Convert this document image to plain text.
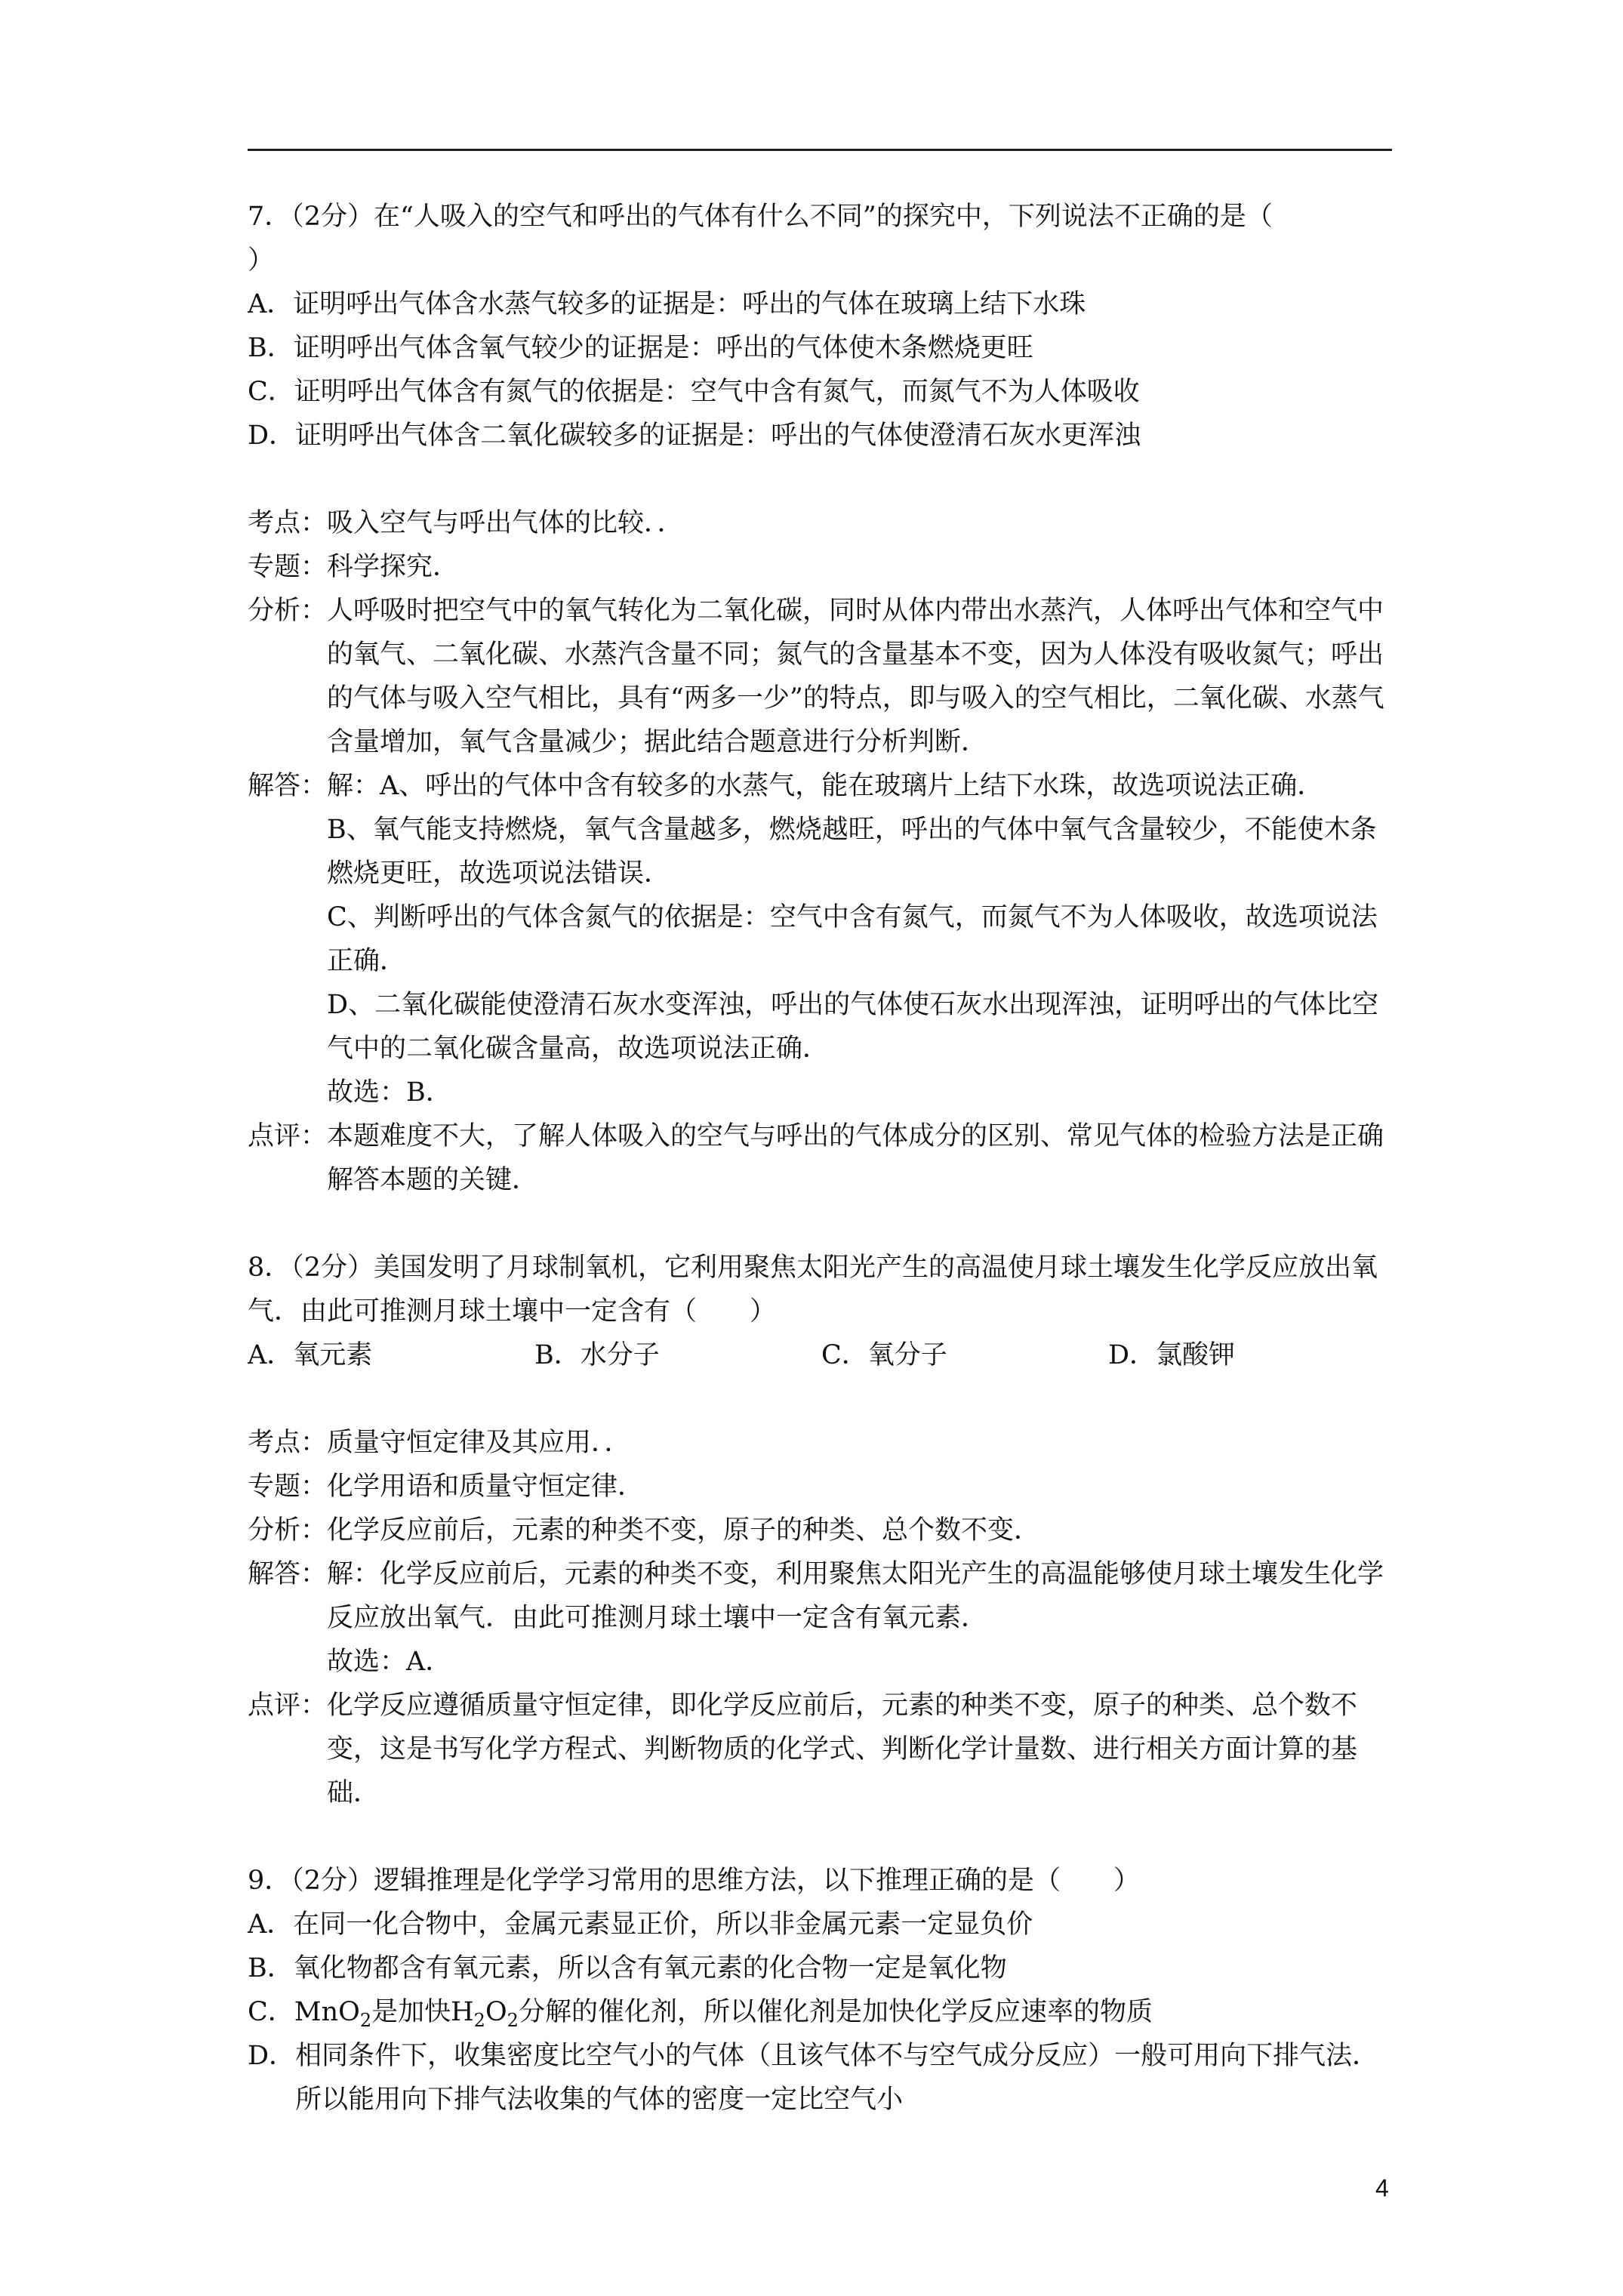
7．（2分）在“人吸入的空气和呼出的气体有什么不同”的探究中，下列说法不正确的是（

）

A．证明呼出气体含水蒸气较多的证据是：呼出的气体在玻璃上结下水珠

B．证明呼出气体含氧气较少的证据是：呼出的气体使木条燃烧更旺

C．证明呼出气体含有氮气的依据是：空气中含有氮气，而氮气不为人体吸收

D．证明呼出气体含二氧化碳较多的证据是：呼出的气体使澄清石灰水更浑浊

考点： 吸入空气与呼出气体的比较．．
专题： 科学探究．
分析： 人呼吸时把空气中的氧气转化为二氧化碳，同时从体内带出水蒸汽，人体呼出气体和空气中的氧气、二氧化碳、水蒸汽含量不同；氮气的含量基本不变，因为人体没有吸收氮气；呼出的气体与吸入空气相比，具有“两多一少”的特点，即与吸入的空气相比，二氧化碳、水蒸气含量增加，氧气含量减少；据此结合题意进行分析判断．
解答： 解：A、呼出的气体中含有较多的水蒸气，能在玻璃片上结下水珠，故选项说法正确．
B、氧气能支持燃烧，氧气含量越多，燃烧越旺，呼出的气体中氧气含量较少，不能使木条燃烧更旺，故选项说法错误．
C、判断呼出的气体含氮气的依据是：空气中含有氮气，而氮气不为人体吸收，故选项说法正确．
D、二氧化碳能使澄清石灰水变浑浊，呼出的气体使石灰水出现浑浊，证明呼出的气体比空气中的二氧化碳含量高，故选项说法正确．
故选：B．
点评： 本题难度不大，了解人体吸入的空气与呼出的气体成分的区别、常见气体的检验方法是正确解答本题的关键．

8．（2分）美国发明了月球制氧机，它利用聚焦太阳光产生的高温使月球土壤发生化学反应放出氧气．由此可推测月球土壤中一定含有（　　）

A．氧元素	B．水分子	C．氧分子	D．氯酸钾
考点： 质量守恒定律及其应用．．
专题： 化学用语和质量守恒定律．
分析： 化学反应前后，元素的种类不变，原子的种类、总个数不变．
解答： 解：化学反应前后，元素的种类不变，利用聚焦太阳光产生的高温能够使月球土壤发生化学反应放出氧气．由此可推测月球土壤中一定含有氧元素．
故选：A．
点评： 化学反应遵循质量守恒定律，即化学反应前后，元素的种类不变，原子的种类、总个数不变，这是书写化学方程式、判断物质的化学式、判断化学计量数、进行相关方面计算的基础．

9．（2分）逻辑推理是化学学习常用的思维方法，以下推理正确的是（　　）

A．在同一化合物中，金属元素显正价，所以非金属元素一定显负价

B．氧化物都含有氧元素，所以含有氧元素的化合物一定是氧化物

C．MnO$_2$是加快$H_2O_2$分解的催化剂，所以催化剂是加快化学反应速率的物质

D． 相同条件下，收集密度比空气小的气体（且该气体不与空气成分反应）一般可用向下排气法．所以能用向下排气法收集的气体的密度一定比空气小
4
